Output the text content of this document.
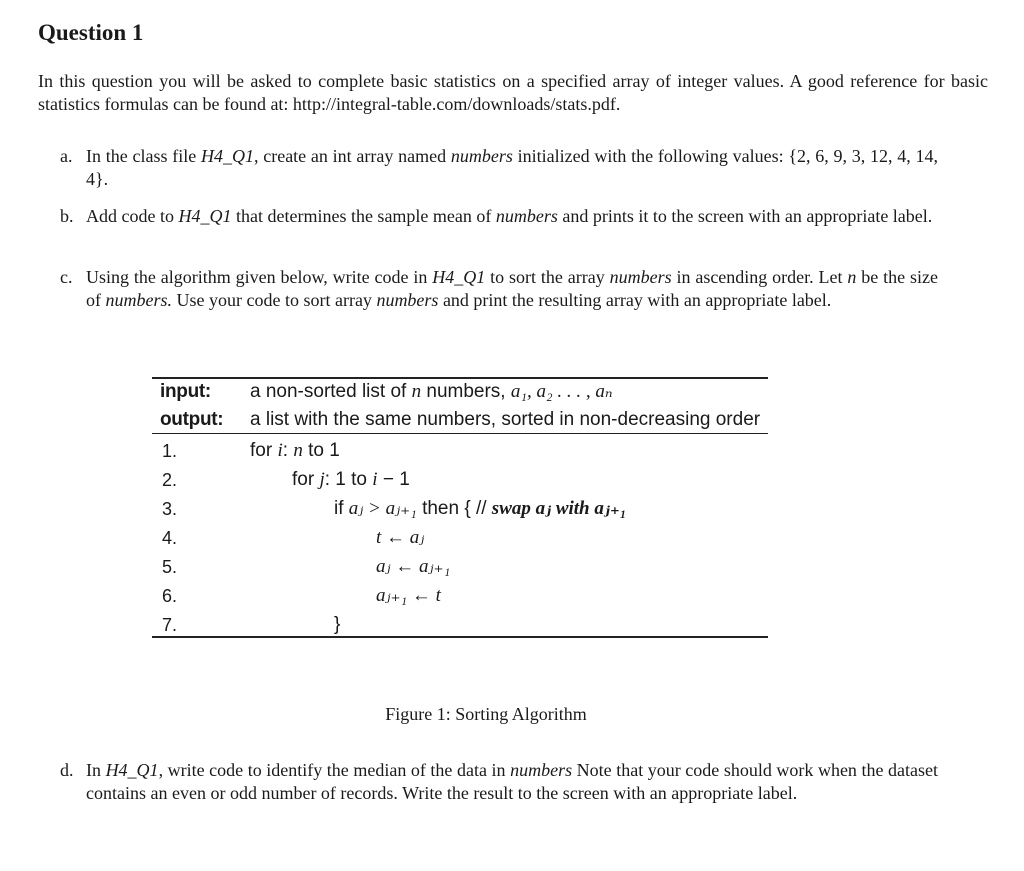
Question 1

In this question you will be asked to complete basic statistics on a specified array of integer values. A good reference for basic statistics formulas can be found at: http://integral-table.com/downloads/stats.pdf.

a. In the class file H4_Q1, create an int array named numbers initialized with the following values: {2, 6, 9, 3, 12, 4, 14, 4}.
b. Add code to H4_Q1 that determines the sample mean of numbers and prints it to the screen with an appropriate label.
c. Using the algorithm given below, write code in H4_Q1 to sort the array numbers in ascending order. Let n be the size of numbers. Use your code to sort array numbers and print the resulting array with an appropriate label.
input: a non-sorted list of n numbers, a₁, a₂ . . . , aₙ
output: a list with the same numbers, sorted in non-decreasing order
1.
2.
3.
4.
5.
6.
7.
for i: n to 1
for j: 1 to i − 1
if aⱼ > aⱼ₊₁ then { // swap aⱼ with aⱼ₊₁
t ← aⱼ
aⱼ ← aⱼ₊₁
aⱼ₊₁ ← t
}
Figure 1: Sorting Algorithm
d. In H4_Q1, write code to identify the median of the data in numbers Note that your code should work when the dataset contains an even or odd number of records. Write the result to the screen with an appropriate label.
